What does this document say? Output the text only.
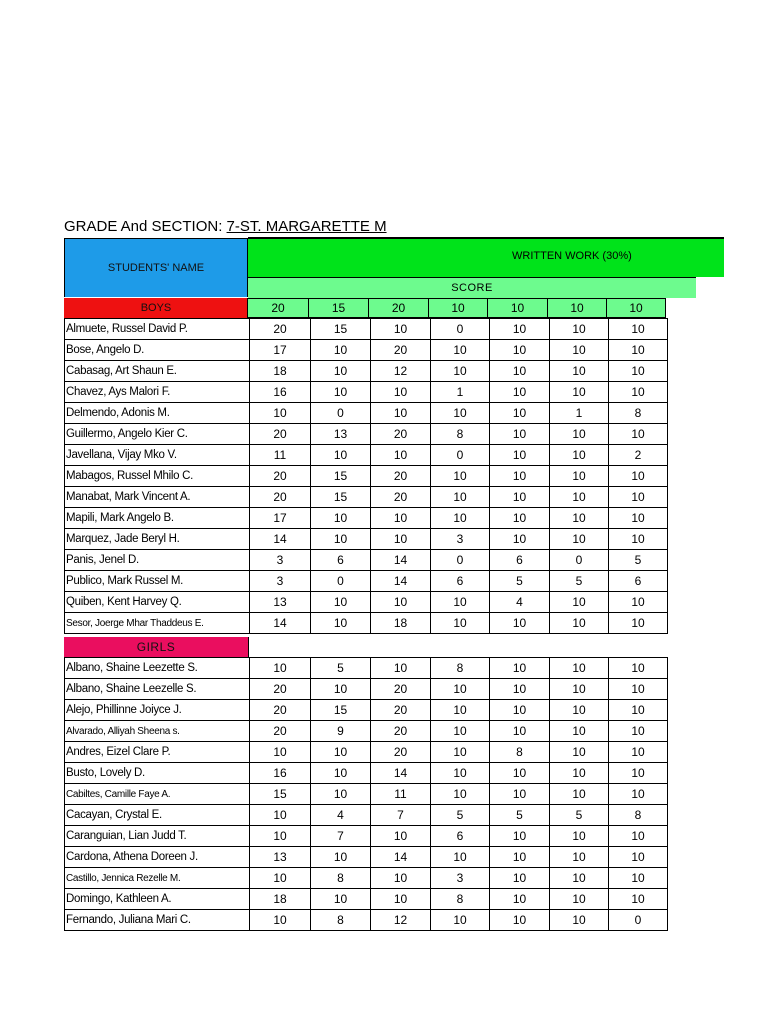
GRADE And SECTION: 7-ST. MARGARETTE M
STUDENTS' NAME
WRITTEN WORK (30%)
SCORE
BOYS	20	15	20	10	10	10	10
Almuete, Russel David P.	20	15	10	0	10	10	10
Bose, Angelo D.	17	10	20	10	10	10	10
Cabasag, Art Shaun E.	18	10	12	10	10	10	10
Chavez, Ays Malori F.	16	10	10	1	10	10	10
Delmendo, Adonis M.	10	0	10	10	10	1	8
Guillermo, Angelo Kier C.	20	13	20	8	10	10	10
Javellana, Vijay Mko V.	11	10	10	0	10	10	2
Mabagos, Russel Mhilo C.	20	15	20	10	10	10	10
Manabat, Mark Vincent A.	20	15	20	10	10	10	10
Mapili, Mark Angelo B.	17	10	10	10	10	10	10
Marquez, Jade Beryl H.	14	10	10	3	10	10	10
Panis, Jenel D.	3	6	14	0	6	0	5
Publico, Mark Russel M.	3	0	14	6	5	5	6
Quiben, Kent Harvey Q.	13	10	10	10	4	10	10
Sesor, Joerge Mhar Thaddeus E.	14	10	18	10	10	10	10
GIRLS
Albano, Shaine Leezette S.	10	5	10	8	10	10	10
Albano, Shaine Leezelle S.	20	10	20	10	10	10	10
Alejo, Phillinne Joiyce J.	20	15	20	10	10	10	10
Alvarado, Alliyah Sheena s.	20	9	20	10	10	10	10
Andres, Eizel Clare P.	10	10	20	10	8	10	10
Busto, Lovely D.	16	10	14	10	10	10	10
Cabiltes, Camille Faye A.	15	10	11	10	10	10	10
Cacayan, Crystal E.	10	4	7	5	5	5	8
Caranguian, Lian Judd T.	10	7	10	6	10	10	10
Cardona, Athena Doreen J.	13	10	14	10	10	10	10
Castillo, Jennica Rezelle M.	10	8	10	3	10	10	10
Domingo, Kathleen A.	18	10	10	8	10	10	10
Fernando, Juliana Mari C.	10	8	12	10	10	10	0
